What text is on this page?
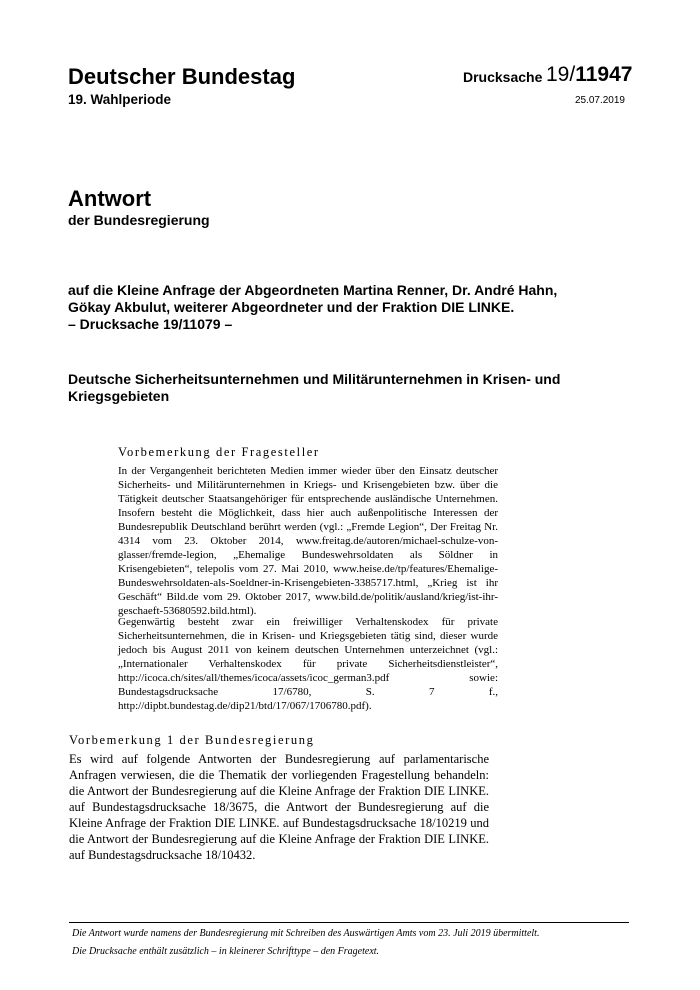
Deutscher Bundestag
19. Wahlperiode
Drucksache 19/11947
25.07.2019
Antwort
der Bundesregierung
auf die Kleine Anfrage der Abgeordneten Martina Renner, Dr. André Hahn,
Gökay Akbulut, weiterer Abgeordneter und der Fraktion DIE LINKE.
– Drucksache 19/11079 –
Deutsche Sicherheitsunternehmen und Militärunternehmen in Krisen- und
Kriegsgebieten
Vorbemerkung der Fragesteller
In der Vergangenheit berichteten Medien immer wieder über den Einsatz deutscher Sicherheits- und Militärunternehmen in Kriegs- und Krisengebieten bzw. über die Tätigkeit deutscher Staatsangehöriger für entsprechende ausländische Unternehmen. Insofern besteht die Möglichkeit, dass hier auch außenpolitische Interessen der Bundesrepublik Deutschland berührt werden (vgl.: „Fremde Legion“, Der Freitag Nr. 4314 vom 23. Oktober 2014, www.freitag.de/autoren/michael-schulze-von-glasser/fremde-legion, „Ehemalige Bundeswehrsoldaten als Söldner in Krisengebieten“, telepolis vom 27. Mai 2010, www.heise.de/tp/features/Ehemalige-Bundeswehrsoldaten-als-Soeldner-in-Krisengebieten-3385717.html, „Krieg ist ihr Geschäft“ Bild.de vom 29. Oktober 2017, www.bild.de/politik/ausland/krieg/ist-ihr-geschaeft-53680592.bild.html).
Gegenwärtig besteht zwar ein freiwilliger Verhaltenskodex für private Sicherheitsunternehmen, die in Krisen- und Kriegsgebieten tätig sind, dieser wurde jedoch bis August 2011 von keinem deutschen Unternehmen unterzeichnet (vgl.: „Internationaler Verhaltenskodex für private Sicherheitsdienstleister“, http://icoca.ch/sites/all/themes/icoca/assets/icoc_german3.pdf sowie: Bundestagsdrucksache 17/6780, S. 7 f., http://dipbt.bundestag.de/dip21/btd/17/067/1706780.pdf).
Vorbemerkung 1 der Bundesregierung
Es wird auf folgende Antworten der Bundesregierung auf parlamentarische Anfragen verwiesen, die die Thematik der vorliegenden Fragestellung behandeln: die Antwort der Bundesregierung auf die Kleine Anfrage der Fraktion DIE LINKE. auf Bundestagsdrucksache 18/3675, die Antwort der Bundesregierung auf die Kleine Anfrage der Fraktion DIE LINKE. auf Bundestagsdrucksache 18/10219 und die Antwort der Bundesregierung auf die Kleine Anfrage der Fraktion DIE LINKE. auf Bundestagsdrucksache 18/10432.
Die Antwort wurde namens der Bundesregierung mit Schreiben des Auswärtigen Amts vom 23. Juli 2019 übermittelt.
Die Drucksache enthält zusätzlich – in kleinerer Schrifttype – den Fragetext.
